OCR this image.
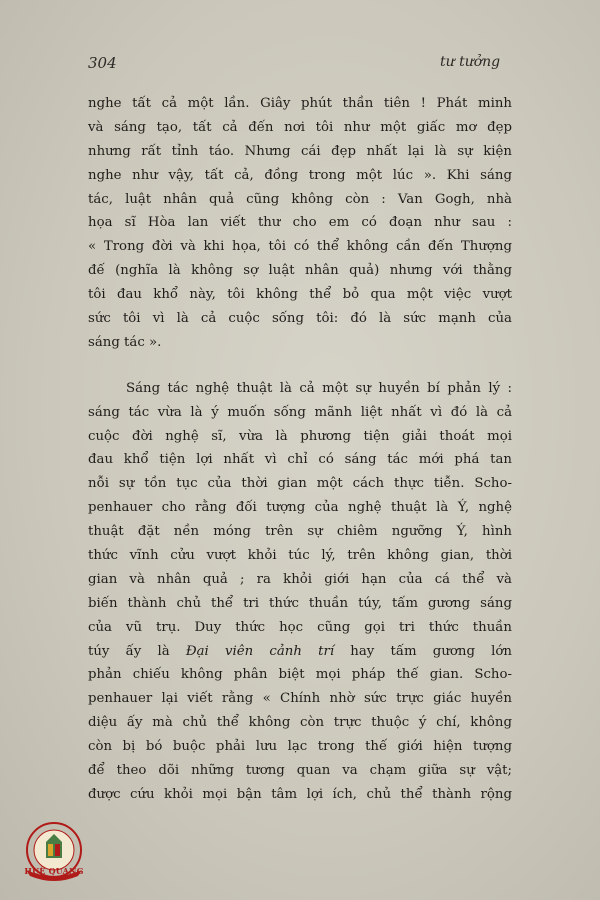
304	tư tưởng
nghe tất cả một lần. Giây phút thần tiên ! Phát minh
và sáng tạo, tất cả đến nơi tôi như một giấc mơ đẹp
nhưng rất tỉnh táo. Nhưng cái đẹp nhất lại là sự kiện
nghe như vậy, tất cả, đồng trong một lúc ». Khi sáng
tác, luật nhân quả cũng không còn : Van Gogh, nhà
họa sĩ Hòa lan viết thư cho em có đoạn như sau :
« Trong đời và khi họa, tôi có thể không cần đến Thượng
đế (nghĩa là không sợ luật nhân quả) nhưng với thằng
tôi đau khổ này, tôi không thể bỏ qua một việc vượt
sức tôi vì là cả cuộc sống tôi: đó là sức mạnh của
sáng tác ».
Sáng tác nghệ thuật là cả một sự huyền bí phản lý :
sáng tác vừa là ý muốn sống mãnh liệt nhất vì đó là cả
cuộc đời nghệ sĩ, vừa là phương tiện giải thoát mọi
đau khổ tiện lợi nhất vì chỉ có sáng tác mới phá tan
nỗi sự tồn tục của thời gian một cách thực tiễn. Scho-
penhauer cho rằng đối tượng của nghệ thuật là Ý, nghệ
thuật đặt nền móng trên sự chiêm ngưỡng Ý, hình
thức vĩnh cửu vượt khỏi túc lý, trên không gian, thời
gian và nhân quả ; ra khỏi giới hạn của cá thể và
biến thành chủ thể tri thức thuần túy, tấm gương sáng
của vũ trụ. Duy thức học cũng gọi tri thức thuần
túy ấy là Đại viên cảnh trí hay tấm gương lớn
phản chiếu không phân biệt mọi pháp thế gian. Scho-
penhauer lại viết rằng « Chính nhờ sức trực giác huyền
diệu ấy mà chủ thể không còn trực thuộc ý chí, không
còn bị bó buộc phải lưu lạc trong thế giới hiện tượng
để theo dõi những tương quan va chạm giữa sự vật;
được cứu khỏi mọi bận tâm lợi ích, chủ thể thành rộng
HUỆ QUANG
